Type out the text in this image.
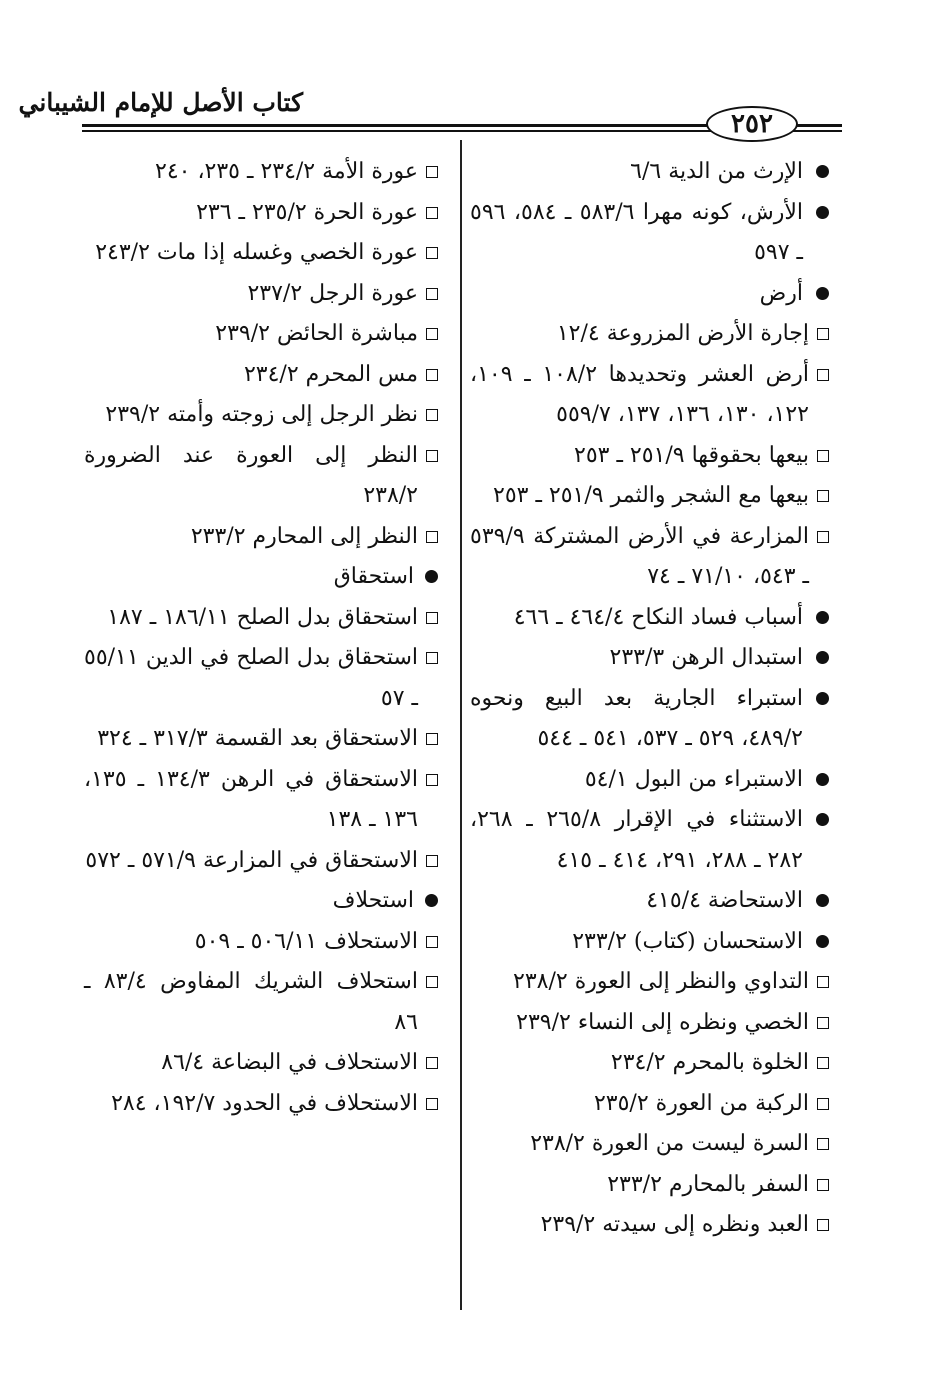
كتاب الأصل للإمام الشيباني
٢٥٢
الإرث من الدية ٦/٦
الأرش، كونه مهرا ٥٨٣/٦ ـ ٥٨٤، ٥٩٦ ـ ٥٩٧
أرض
إجارة الأرض المزروعة ١٢/٤
أرض العشر وتحديدها ١٠٨/٢ ـ ١٠٩، ١٢٢، ١٣٠، ١٣٦، ١٣٧، ٥٥٩/٧
بيعها بحقوقها ٢٥١/٩ ـ ٢٥٣
بيعها مع الشجر والثمر ٢٥١/٩ ـ ٢٥٣
المزارعة في الأرض المشتركة ٥٣٩/٩ ـ ٥٤٣، ٧١/١٠ ـ ٧٤
أسباب فساد النكاح ٤٦٤/٤ ـ ٤٦٦
استبدال الرهن ٢٣٣/٣
استبراء الجارية بعد البيع ونحوه ٤٨٩/٢، ٥٢٩ ـ ٥٣٧، ٥٤١ ـ ٥٤٤
الاستبراء من البول ٥٤/١
الاستثناء في الإقرار ٢٦٥/٨ ـ ٢٦٨، ٢٨٢ ـ ٢٨٨، ٢٩١، ٤١٤ ـ ٤١٥
الاستحاضة ٤١٥/٤
الاستحسان (كتاب) ٢٣٣/٢
التداوي والنظر إلى العورة ٢٣٨/٢
الخصي ونظره إلى النساء ٢٣٩/٢
الخلوة بالمحرم ٢٣٤/٢
الركبة من العورة ٢٣٥/٢
السرة ليست من العورة ٢٣٨/٢
السفر بالمحارم ٢٣٣/٢
العبد ونظره إلى سيدته ٢٣٩/٢
عورة الأمة ٢٣٤/٢ ـ ٢٣٥، ٢٤٠
عورة الحرة ٢٣٥/٢ ـ ٢٣٦
عورة الخصي وغسله إذا مات ٢٤٣/٢
عورة الرجل ٢٣٧/٢
مباشرة الحائض ٢٣٩/٢
مس المحرم ٢٣٤/٢
نظر الرجل إلى زوجته وأمته ٢٣٩/٢
النظر إلى العورة عند الضرورة ٢٣٨/٢
النظر إلى المحارم ٢٣٣/٢
استحقاق
استحقاق بدل الصلح ١٨٦/١١ ـ ١٨٧
استحقاق بدل الصلح في الدين ٥٥/١١ ـ ٥٧
الاستحقاق بعد القسمة ٣١٧/٣ ـ ٣٢٤
الاستحقاق في الرهن ١٣٤/٣ ـ ١٣٥، ١٣٦ ـ ١٣٨
الاستحقاق في المزارعة ٥٧١/٩ ـ ٥٧٢
استحلاف
الاستحلاف ٥٠٦/١١ ـ ٥٠٩
استحلاف الشريك المفاوض ٨٣/٤ ـ ٨٦
الاستحلاف في البضاعة ٨٦/٤
الاستحلاف في الحدود ١٩٢/٧، ٢٨٤
